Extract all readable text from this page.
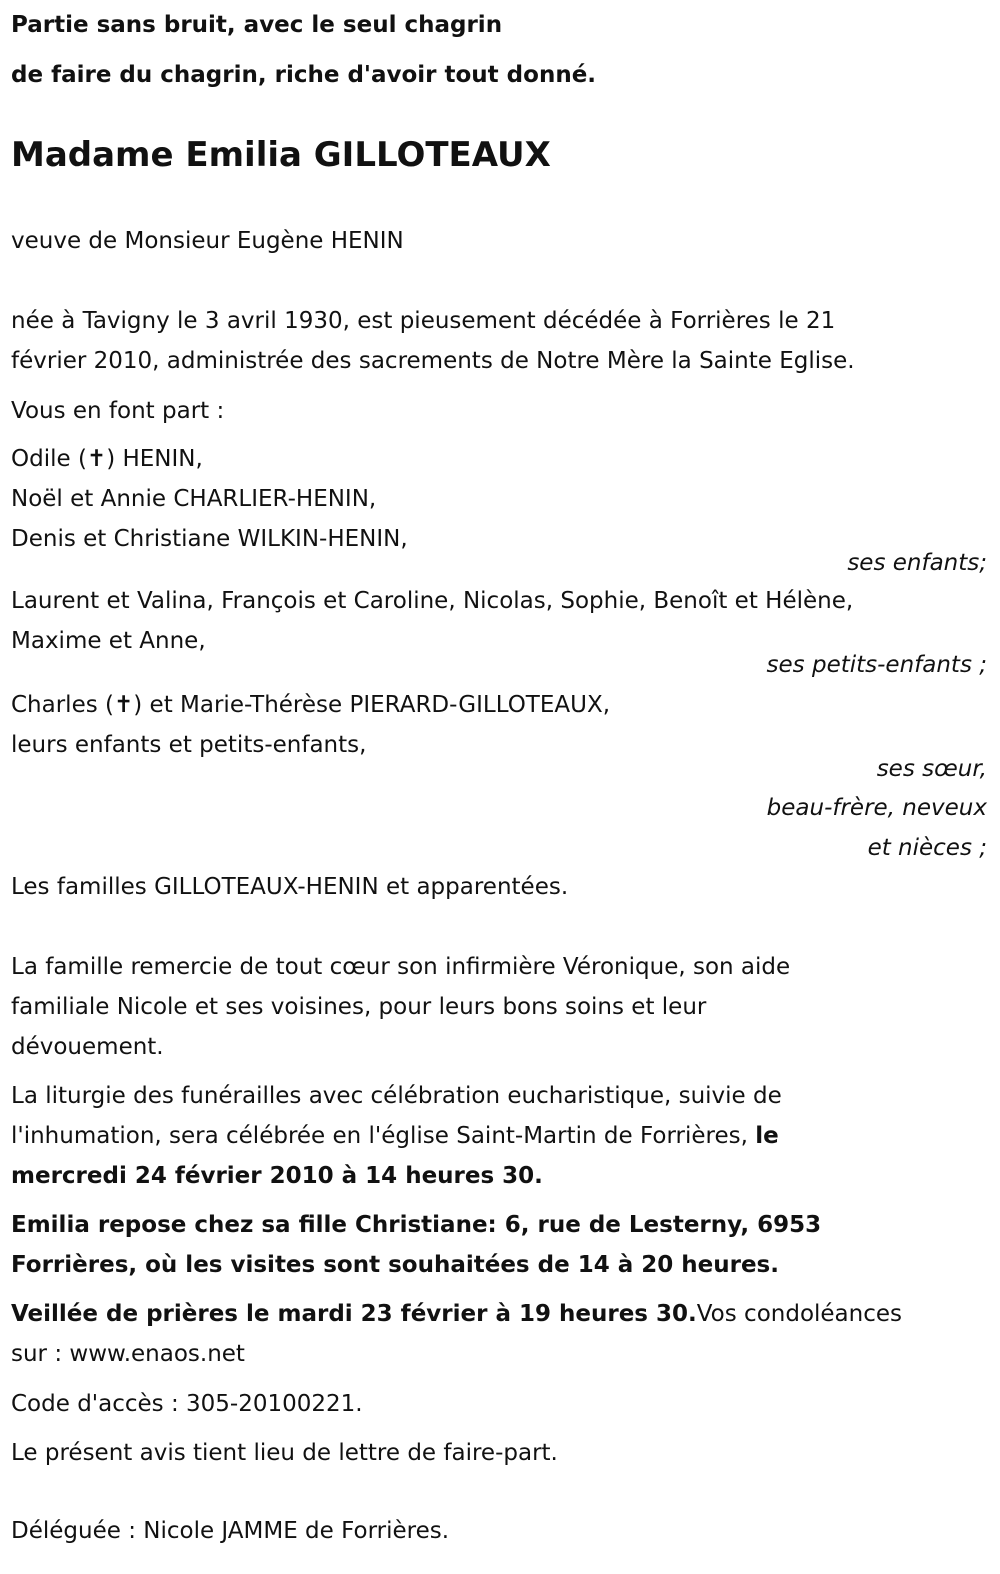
Partie sans bruit, avec le seul chagrin
de faire du chagrin, riche d'avoir tout donné.
Madame Emilia GILLOTEAUX
veuve de Monsieur Eugène HENIN
née à Tavigny le 3 avril 1930, est pieusement décédée à Forrières le 21
février 2010, administrée des sacrements de Notre Mère la Sainte Eglise.
Vous en font part :
Odile (✝) HENIN,
Noël et Annie CHARLIER-HENIN,
Denis et Christiane WILKIN-HENIN,
ses enfants;
Laurent et Valina, François et Caroline, Nicolas, Sophie, Benoît et Hélène,
Maxime et Anne,
ses petits-enfants ;
Charles (✝) et Marie-Thérèse PIERARD-GILLOTEAUX,
leurs enfants et petits-enfants,
ses sœur,
beau-frère, neveux
et nièces ;
Les familles GILLOTEAUX-HENIN et apparentées.
La famille remercie de tout cœur son infirmière Véronique, son aide
familiale Nicole et ses voisines, pour leurs bons soins et leur
dévouement.
La liturgie des funérailles avec célébration eucharistique, suivie de
l'inhumation, sera célébrée en l'église Saint-Martin de Forrières, le
mercredi 24 février 2010 à 14 heures 30.
Emilia repose chez sa fille Christiane: 6, rue de Lesterny, 6953
Forrières, où les visites sont souhaitées de 14 à 20 heures.
Veillée de prières le mardi 23 février à 19 heures 30.Vos condoléances
sur : www.enaos.net
Code d'accès : 305-20100221.
Le présent avis tient lieu de lettre de faire-part.
Déléguée : Nicole JAMME de Forrières.
